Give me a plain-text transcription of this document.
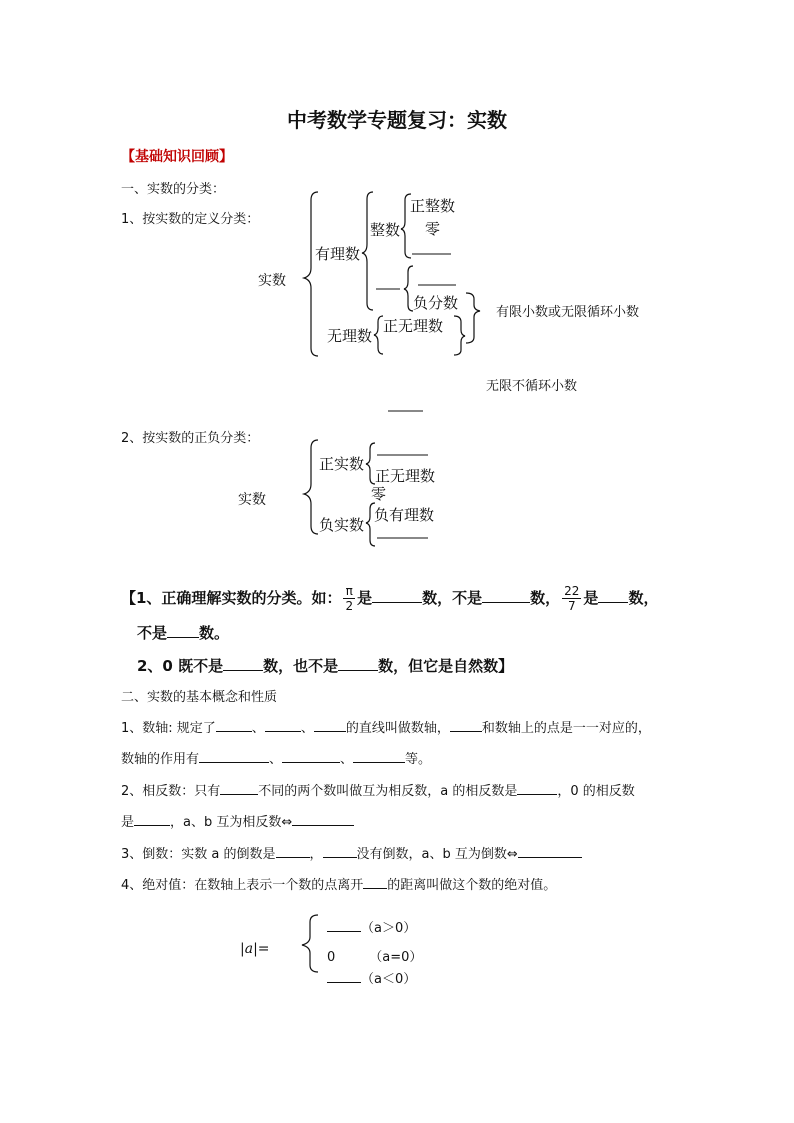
中考数学专题复习：实数
【基础知识回顾】
一、实数的分类：
1、按实数的定义分类：
实数
有理数
整数
正整数
零
负分数
无理数
正无理数
有限小数或无限循环小数
无限不循环小数
2、按实数的正负分类：
实数
正实数
正无理数
零
负实数
负有理数
【1、正确理解实数的分类。如： $\frac{\pi}{2}$ 是	数，不是	数， $\frac{22}{7}$ 是 数，
不是 数。
2、0 既不是	数，也不是	数，但它是自然数】
二、实数的基本概念和性质
1、数轴: 规定了	、	、 的直线叫做数轴， 和数轴上的点是一一对应的，
数轴的作用有	、	、	等。
2、相反数：只有	不同的两个数叫做互为相反数，a 的相反数是	，0 的相反数
是	，a、b 互为相反数⇔
3、倒数：实数 a 的倒数是	，	没有倒数，a、b 互为倒数⇔
4、绝对值：在数轴上表示一个数的点离开 的距离叫做这个数的绝对值。
|a|=
（a＞0）
0	（a=0）
（a＜0）
